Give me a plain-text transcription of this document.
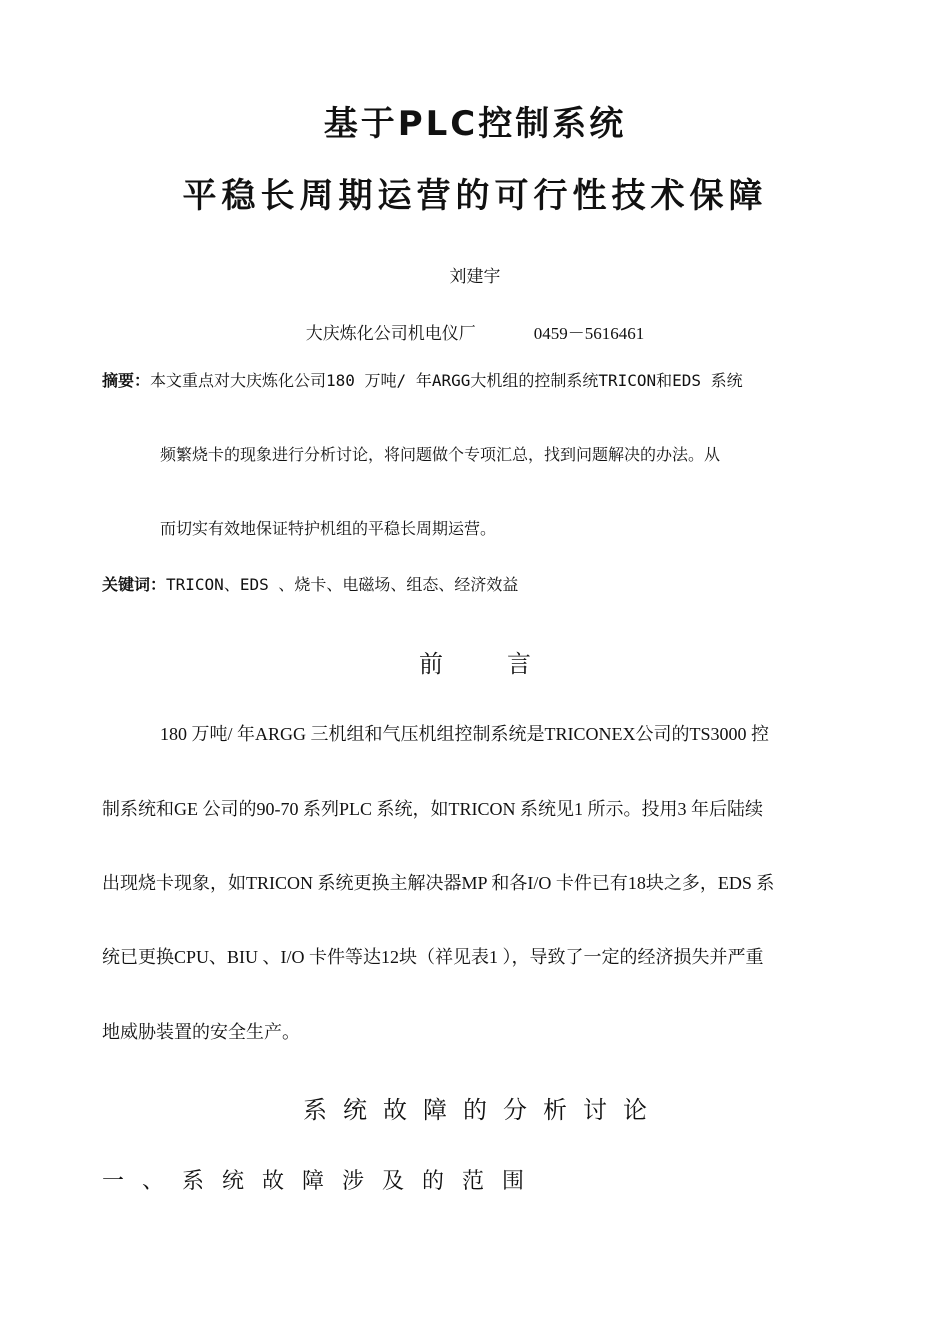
基于PLC控制系统
平稳长周期运营的可行性技术保障
刘建宇
大庆炼化公司机电仪厂	0459－5616461
摘要：本文重点对大庆炼化公司180 万吨/ 年ARGG大机组的控制系统TRICON和EDS 系统
频繁烧卡的现象进行分析讨论，将问题做个专项汇总，找到问题解决的办法。从
而切实有效地保证特护机组的平稳长周期运营。
关键词：TRICON、EDS 、烧卡、电磁场、组态、经济效益
前言
180 万吨/ 年ARGG 三机组和气压机组控制系统是TRICONEX公司的TS3000 控
制系统和GE 公司的90-70 系列PLC 系统，如TRICON 系统见1 所示。投用3 年后陆续
出现烧卡现象，如TRICON 系统更换主解决器MP 和各I/O 卡件已有18块之多，EDS 系
统已更换CPU、BIU 、I/O 卡件等达12块（祥见表1 ），导致了一定的经济损失并严重
地威胁装置的安全生产。
系统故障的分析讨论
一、系统故障涉及的范围
